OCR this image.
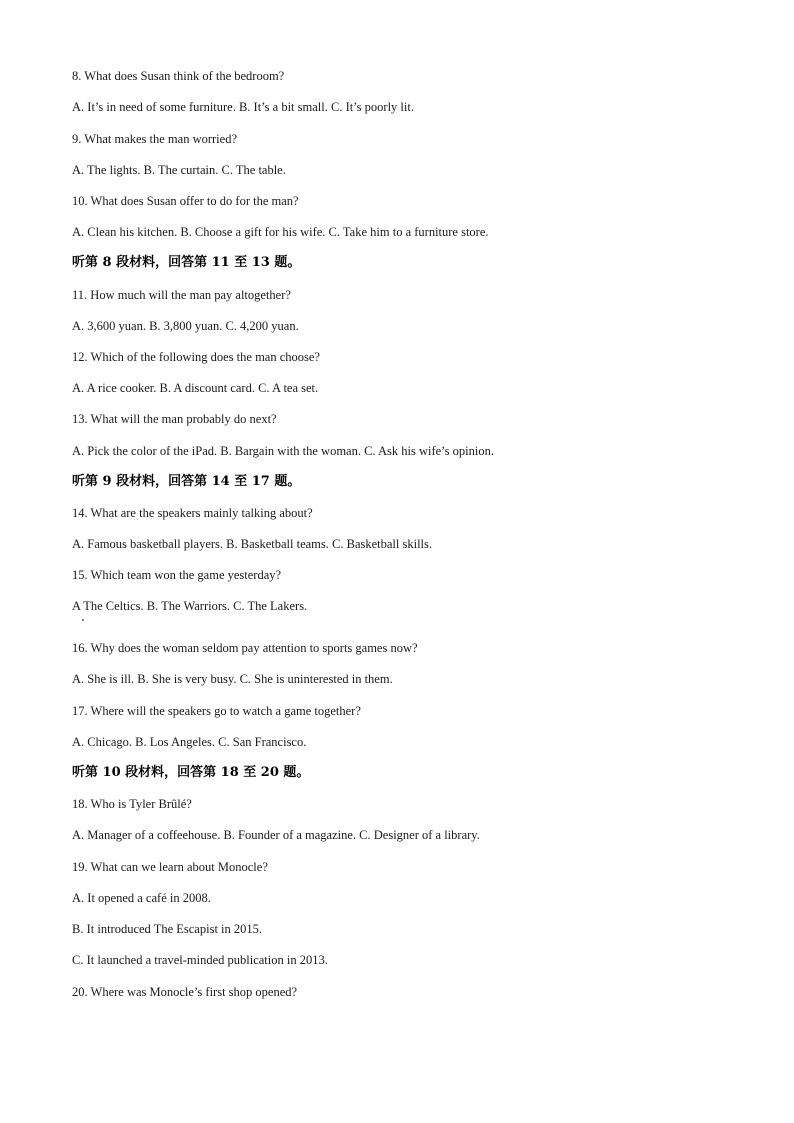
8. What does Susan think of the bedroom?
A. It’s in need of some furniture. B. It’s a bit small. C. It’s poorly lit.
9. What makes the man worried?
A. The lights. B. The curtain. C. The table.
10. What does Susan offer to do for the man?
A. Clean his kitchen. B. Choose a gift for his wife. C. Take him to a furniture store.
听第 8 段材料，回答第 11 至 13 题。
11. How much will the man pay altogether?
A. 3,600 yuan. B. 3,800 yuan. C. 4,200 yuan.
12. Which of the following does the man choose?
A. A rice cooker. B. A discount card. C. A tea set.
13. What will the man probably do next?
A. Pick the color of the iPad. B. Bargain with the woman. C. Ask his wife’s opinion.
听第 9 段材料，回答第 14 至 17 题。
14. What are the speakers mainly talking about?
A. Famous basketball players. B. Basketball teams. C. Basketball skills.
15. Which team won the game yesterday?
A The Celtics. B. The Warriors. C. The Lakers.
16. Why does the woman seldom pay attention to sports games now?
A. She is ill. B. She is very busy. C. She is uninterested in them.
17. Where will the speakers go to watch a game together?
A. Chicago. B. Los Angeles. C. San Francisco.
听第 10 段材料，回答第 18 至 20 题。
18. Who is Tyler Brûlé?
A. Manager of a coffeehouse. B. Founder of a magazine. C. Designer of a library.
19. What can we learn about Monocle?
A. It opened a café in 2008.
B. It introduced The Escapist in 2015.
C. It launched a travel-minded publication in 2013.
20. Where was Monocle’s first shop opened?
